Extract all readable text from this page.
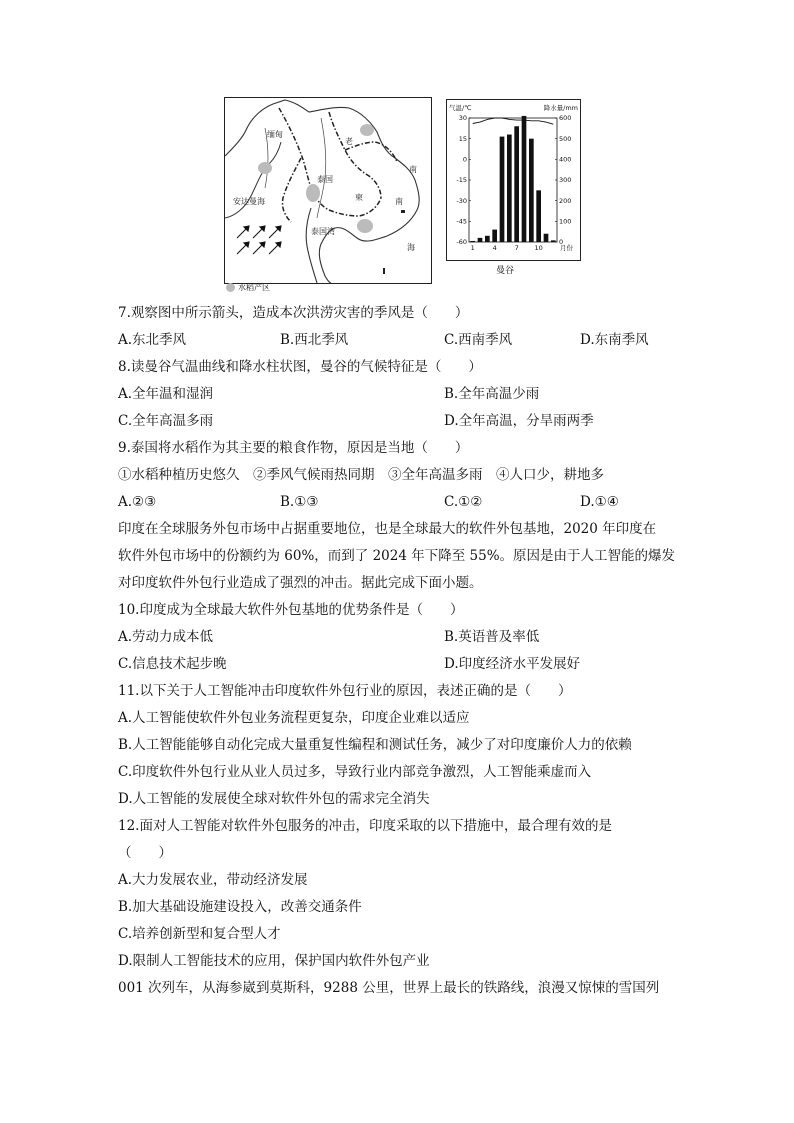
缅甸
老
泰国
安达曼海
泰国湾
柬
南
南
海
水稻产区
气温/℃	降水量/mm
30
15
0
-15
-30
-45
-60
600
500
400
300
200
100
0
1	4	7 10	月份
曼谷
7.观察图中所示箭头，造成本次洪涝灾害的季风是（　　）
A.东北季风	B.西北季风	C.西南季风	D.东南季风
8.读曼谷气温曲线和降水柱状图，曼谷的气候特征是（　　）
A.全年温和湿润	B.全年高温少雨
C.全年高温多雨	D.全年高温，分旱雨两季
9.泰国将水稻作为其主要的粮食作物，原因是当地（　　）
①水稻种植历史悠久　②季风气候雨热同期　③全年高温多雨　④人口少，耕地多
A.②③	B.①③	C.①②	D.①④
印度在全球服务外包市场中占据重要地位，也是全球最大的软件外包基地，2020 年印度在
软件外包市场中的份额约为 60%，而到了 2024 年下降至 55%。原因是由于人工智能的爆发
对印度软件外包行业造成了强烈的冲击。据此完成下面小题。
10.印度成为全球最大软件外包基地的优势条件是（　　）
A.劳动力成本低	B.英语普及率低
C.信息技术起步晚	D.印度经济水平发展好
11.以下关于人工智能冲击印度软件外包行业的原因，表述正确的是（　　）
A.人工智能使软件外包业务流程更复杂，印度企业难以适应
B.人工智能能够自动化完成大量重复性编程和测试任务，减少了对印度廉价人力的依赖
C.印度软件外包行业从业人员过多，导致行业内部竞争激烈，人工智能乘虚而入
D.人工智能的发展使全球对软件外包的需求完全消失
12.面对人工智能对软件外包服务的冲击，印度采取的以下措施中，最合理有效的是
（　　）
A.大力发展农业，带动经济发展
B.加大基础设施建设投入，改善交通条件
C.培养创新型和复合型人才
D.限制人工智能技术的应用，保护国内软件外包产业
001 次列车，从海参崴到莫斯科，9288 公里，世界上最长的铁路线，浪漫又惊悚的雪国列
